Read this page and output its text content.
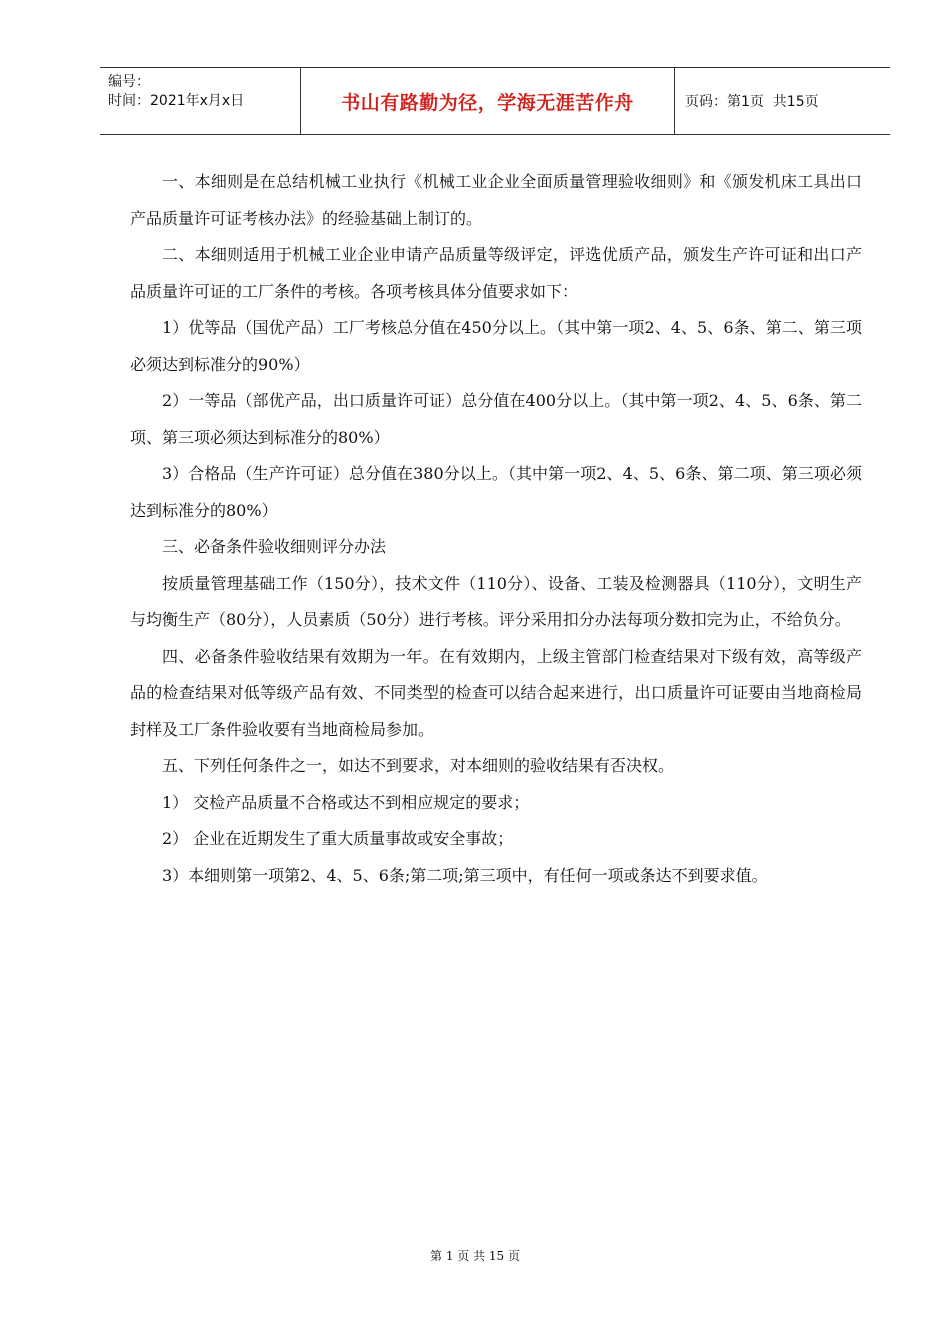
编号：
时间：2021年x月x日	书山有路勤为径，学海无涯苦作舟	页码：第1页  共15页

一、本细则是在总结机械工业执行《机械工业企业全面质量管理验收细则》和《颁发机床工具出口产品质量许可证考核办法》的经验基础上制订的。

二、本细则适用于机械工业企业申请产品质量等级评定，评选优质产品，颁发生产许可证和出口产品质量许可证的工厂条件的考核。各项考核具体分值要求如下：

1）优等品（国优产品）工厂考核总分值在450分以上。（其中第一项2、4、5、6条、第二、第三项必须达到标准分的90%）

2）一等品（部优产品，出口质量许可证）总分值在400分以上。（其中第一项2、4、5、6条、第二项、第三项必须达到标准分的80%）

3）合格品（生产许可证）总分值在380分以上。（其中第一项2、4、5、6条、第二项、第三项必须达到标准分的80%）

三、必备条件验收细则评分办法

按质量管理基础工作（150分），技术文件（110分）、设备、工装及检测器具（110分），文明生产与均衡生产（80分），人员素质（50分）进行考核。评分采用扣分办法每项分数扣完为止，不给负分。

四、必备条件验收结果有效期为一年。在有效期内，上级主管部门检查结果对下级有效，高等级产品的检查结果对低等级产品有效、不同类型的检查可以结合起来进行，出口质量许可证要由当地商检局封样及工厂条件验收要有当地商检局参加。

五、下列任何条件之一，如达不到要求，对本细则的验收结果有否决权。

1） 交检产品质量不合格或达不到相应规定的要求；

2） 企业在近期发生了重大质量事故或安全事故；

3）本细则第一项第2、4、5、6条;第二项;第三项中，有任何一项或条达不到要求值。

第 1 页 共 15 页
